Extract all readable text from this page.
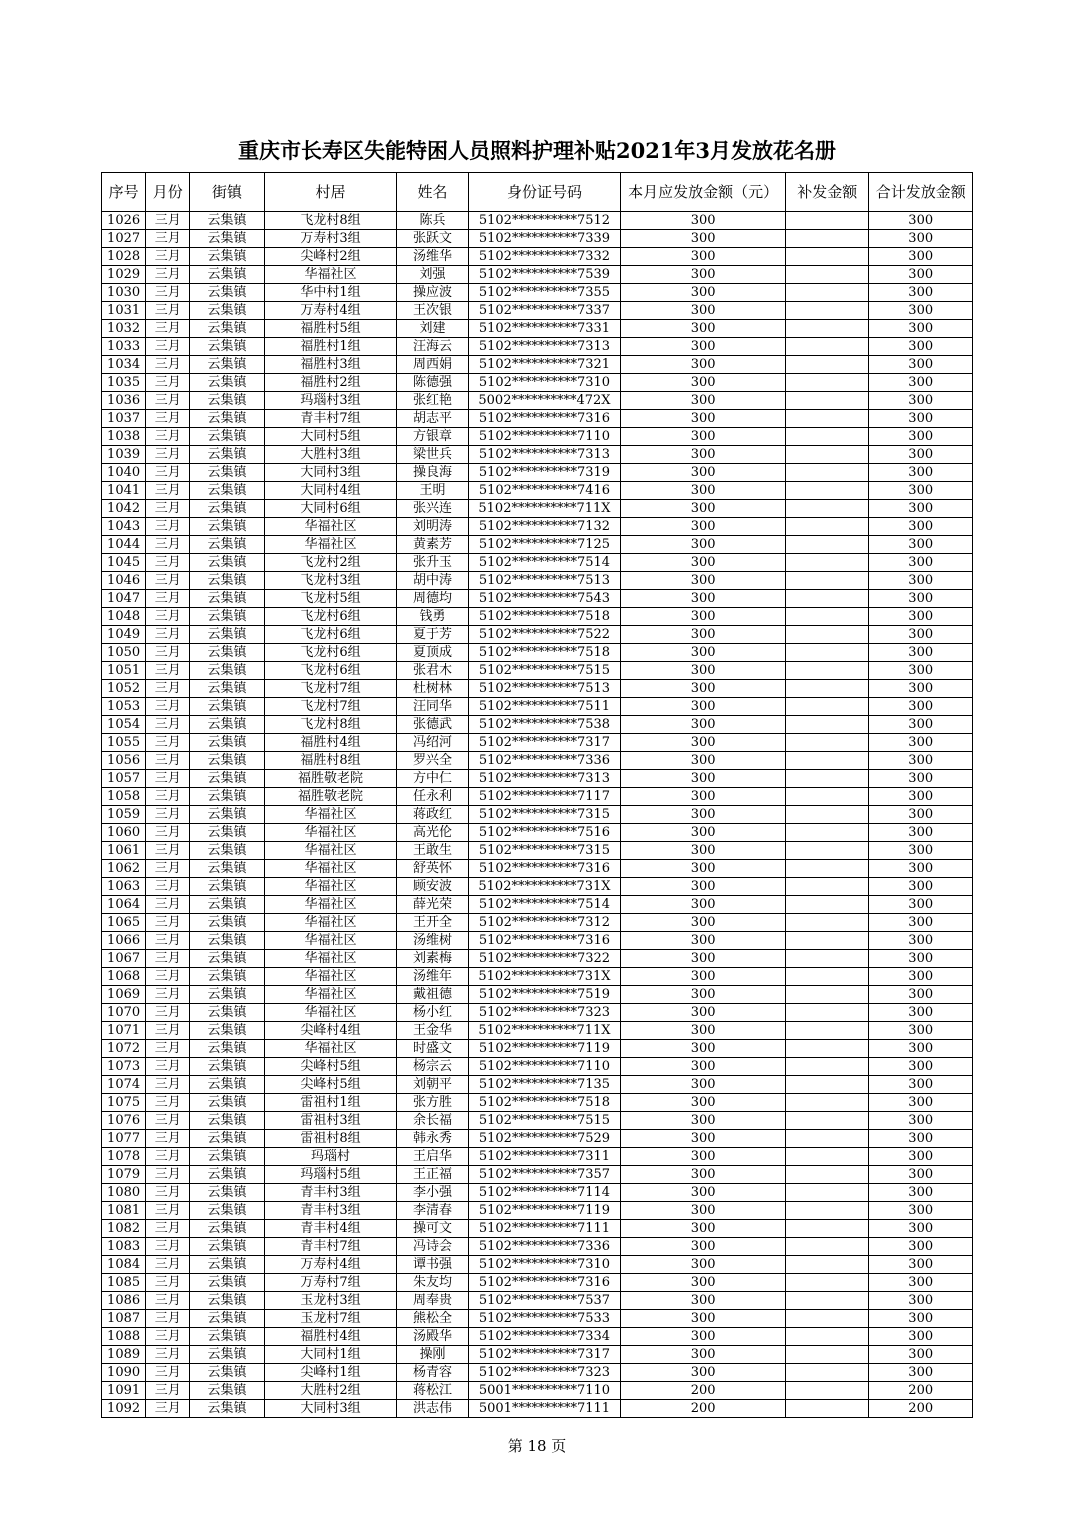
重庆市长寿区失能特困人员照料护理补贴2021年3月发放花名册
序号	月份	街镇	村居	姓名	身份证号码	本月应发放金额（元）	补发金额	合计发放金额
1026	三月	云集镇	飞龙村8组	陈兵	5102**********7512	300		300
1027	三月	云集镇	万寿村3组	张跃文	5102**********7339	300		300
1028	三月	云集镇	尖峰村2组	汤维华	5102**********7332	300		300
1029	三月	云集镇	华福社区	刘强	5102**********7539	300		300
1030	三月	云集镇	华中村1组	操应波	5102**********7355	300		300
1031	三月	云集镇	万寿村4组	王次银	5102**********7337	300		300
1032	三月	云集镇	福胜村5组	刘建	5102**********7331	300		300
1033	三月	云集镇	福胜村1组	汪海云	5102**********7313	300		300
1034	三月	云集镇	福胜村3组	周西娟	5102**********7321	300		300
1035	三月	云集镇	福胜村2组	陈德强	5102**********7310	300		300
1036	三月	云集镇	玛瑙村3组	张红艳	5002**********472X	300		300
1037	三月	云集镇	青丰村7组	胡志平	5102**********7316	300		300
1038	三月	云集镇	大同村5组	方银章	5102**********7110	300		300
1039	三月	云集镇	大胜村3组	梁世兵	5102**********7313	300		300
1040	三月	云集镇	大同村3组	操良海	5102**********7319	300		300
1041	三月	云集镇	大同村4组	王明	5102**********7416	300		300
1042	三月	云集镇	大同村6组	张兴连	5102**********711X	300		300
1043	三月	云集镇	华福社区	刘明涛	5102**********7132	300		300
1044	三月	云集镇	华福社区	黄素芳	5102**********7125	300		300
1045	三月	云集镇	飞龙村2组	张升玉	5102**********7514	300		300
1046	三月	云集镇	飞龙村3组	胡中涛	5102**********7513	300		300
1047	三月	云集镇	飞龙村5组	周德均	5102**********7543	300		300
1048	三月	云集镇	飞龙村6组	钱勇	5102**********7518	300		300
1049	三月	云集镇	飞龙村6组	夏于芳	5102**********7522	300		300
1050	三月	云集镇	飞龙村6组	夏顶成	5102**********7518	300		300
1051	三月	云集镇	飞龙村6组	张君木	5102**********7515	300		300
1052	三月	云集镇	飞龙村7组	杜树林	5102**********7513	300		300
1053	三月	云集镇	飞龙村7组	汪同华	5102**********7511	300		300
1054	三月	云集镇	飞龙村8组	张德武	5102**********7538	300		300
1055	三月	云集镇	福胜村4组	冯绍河	5102**********7317	300		300
1056	三月	云集镇	福胜村8组	罗兴全	5102**********7336	300		300
1057	三月	云集镇	福胜敬老院	方中仁	5102**********7313	300		300
1058	三月	云集镇	福胜敬老院	任永利	5102**********7117	300		300
1059	三月	云集镇	华福社区	蒋政红	5102**********7315	300		300
1060	三月	云集镇	华福社区	高光伦	5102**********7516	300		300
1061	三月	云集镇	华福社区	王敢生	5102**********7315	300		300
1062	三月	云集镇	华福社区	舒英怀	5102**********7316	300		300
1063	三月	云集镇	华福社区	顾安波	5102**********731X	300		300
1064	三月	云集镇	华福社区	薛光荣	5102**********7514	300		300
1065	三月	云集镇	华福社区	王开全	5102**********7312	300		300
1066	三月	云集镇	华福社区	汤维树	5102**********7316	300		300
1067	三月	云集镇	华福社区	刘素梅	5102**********7322	300		300
1068	三月	云集镇	华福社区	汤维年	5102**********731X	300		300
1069	三月	云集镇	华福社区	戴祖德	5102**********7519	300		300
1070	三月	云集镇	华福社区	杨小红	5102**********7323	300		300
1071	三月	云集镇	尖峰村4组	王金华	5102**********711X	300		300
1072	三月	云集镇	华福社区	时盛文	5102**********7119	300		300
1073	三月	云集镇	尖峰村5组	杨宗云	5102**********7110	300		300
1074	三月	云集镇	尖峰村5组	刘朝平	5102**********7135	300		300
1075	三月	云集镇	雷祖村1组	张方胜	5102**********7518	300		300
1076	三月	云集镇	雷祖村3组	余长福	5102**********7515	300		300
1077	三月	云集镇	雷祖村8组	韩永秀	5102**********7529	300		300
1078	三月	云集镇	玛瑙村	王启华	5102**********7311	300		300
1079	三月	云集镇	玛瑙村5组	王正福	5102**********7357	300		300
1080	三月	云集镇	青丰村3组	李小强	5102**********7114	300		300
1081	三月	云集镇	青丰村3组	李清春	5102**********7119	300		300
1082	三月	云集镇	青丰村4组	操可文	5102**********7111	300		300
1083	三月	云集镇	青丰村7组	冯诗会	5102**********7336	300		300
1084	三月	云集镇	万寿村4组	谭书强	5102**********7310	300		300
1085	三月	云集镇	万寿村7组	朱友均	5102**********7316	300		300
1086	三月	云集镇	玉龙村3组	周奉贵	5102**********7537	300		300
1087	三月	云集镇	玉龙村7组	熊松全	5102**********7533	300		300
1088	三月	云集镇	福胜村4组	汤殿华	5102**********7334	300		300
1089	三月	云集镇	大同村1组	操刚	5102**********7317	300		300
1090	三月	云集镇	尖峰村1组	杨青容	5102**********7323	300		300
1091	三月	云集镇	大胜村2组	蒋松江	5001**********7110	200		200
1092	三月	云集镇	大同村3组	洪志伟	5001**********7111	200		200
第 18 页
